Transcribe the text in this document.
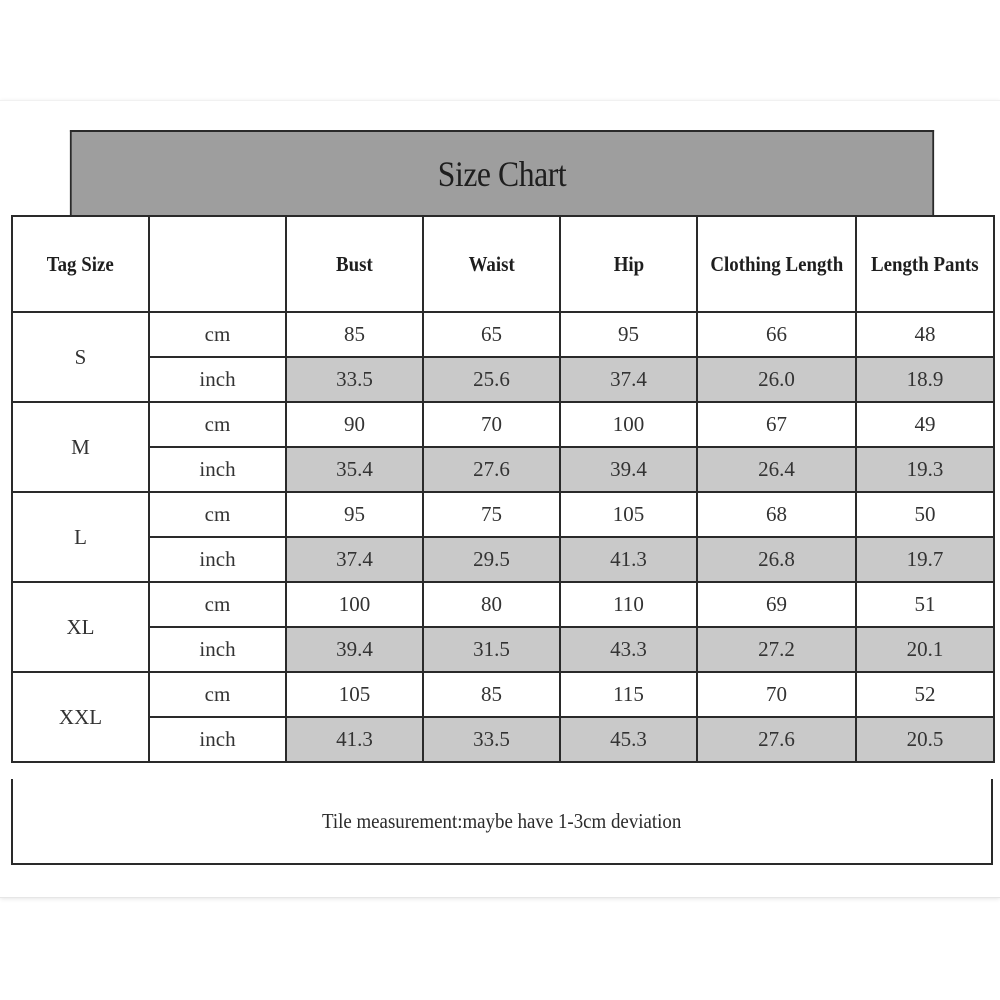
Size Chart
Tag Size		Bust	Waist	Hip	Clothing Length	Length Pants
S	cm	85	65	95	66	48
	inch	33.5	25.6	37.4	26.0	18.9
M	cm	90	70	100	67	49
	inch	35.4	27.6	39.4	26.4	19.3
L	cm	95	75	105	68	50
	inch	37.4	29.5	41.3	26.8	19.7
XL	cm	100	80	110	69	51
	inch	39.4	31.5	43.3	27.2	20.1
XXL	cm	105	85	115	70	52
	inch	41.3	33.5	45.3	27.6	20.5
Tile measurement:maybe have 1-3cm deviation
